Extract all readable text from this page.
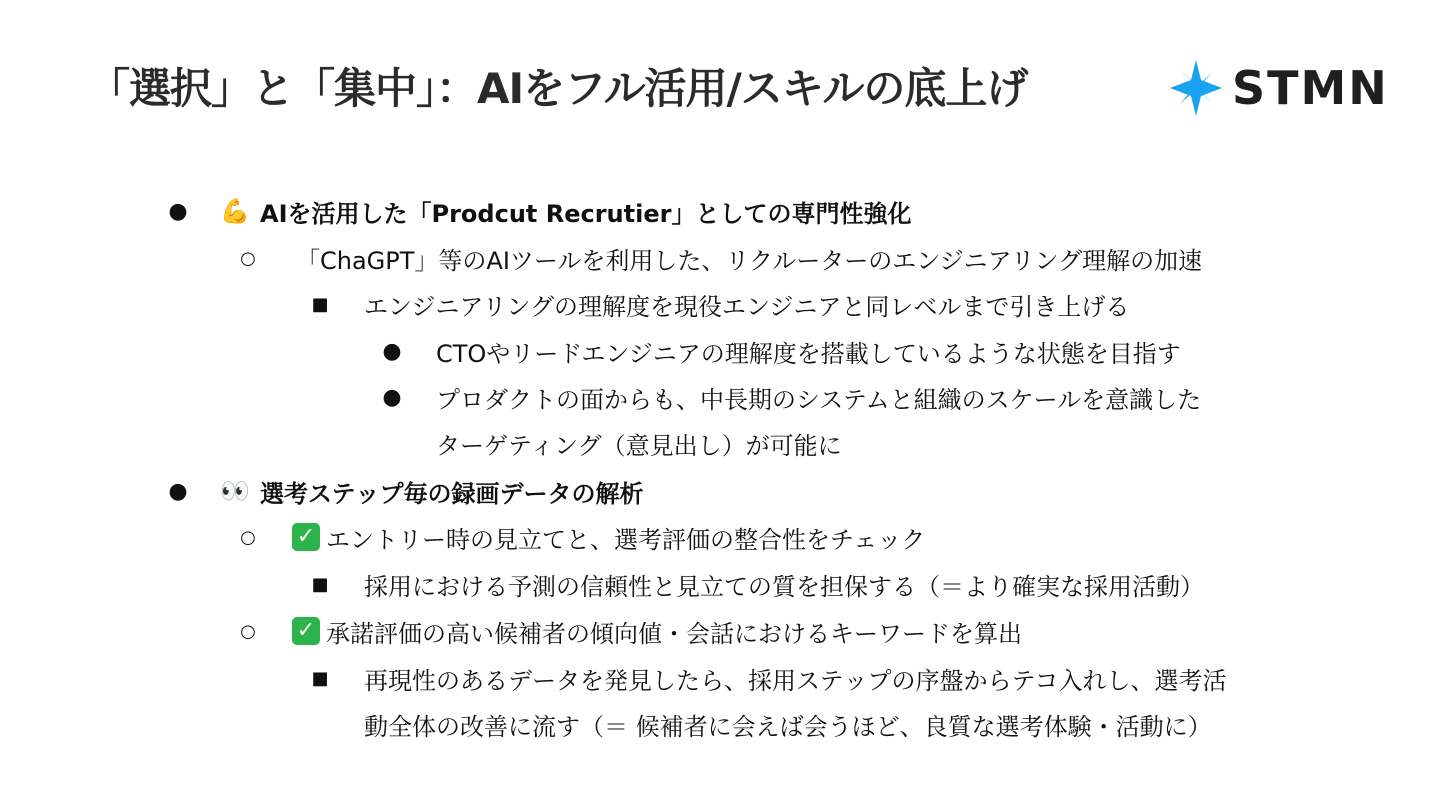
「選択」と「集中」：AIをフル活用/スキルの底上げ	STMN
● 💪 AIを活用した「Prodcut Recrutier」としての専門性強化
○ 「ChaGPT」等のAIツールを利用した、リクルーターのエンジニアリング理解の加速
■ エンジニアリングの理解度を現役エンジニアと同レベルまで引き上げる
● CTOやリードエンジニアの理解度を搭載しているような状態を目指す
● プロダクトの面からも、中長期のシステムと組織のスケールを意識した
ターゲティング（意見出し）が可能に
● 👀 選考ステップ毎の録画データの解析
○ ✓ エントリー時の見立てと、選考評価の整合性をチェック
■ 採用における予測の信頼性と見立ての質を担保する（＝より確実な採用活動）
○ ✓ 承諾評価の高い候補者の傾向値・会話におけるキーワードを算出
■ 再現性のあるデータを発見したら、採用ステップの序盤からテコ入れし、選考活
動全体の改善に流す（＝ 候補者に会えば会うほど、良質な選考体験・活動に）
